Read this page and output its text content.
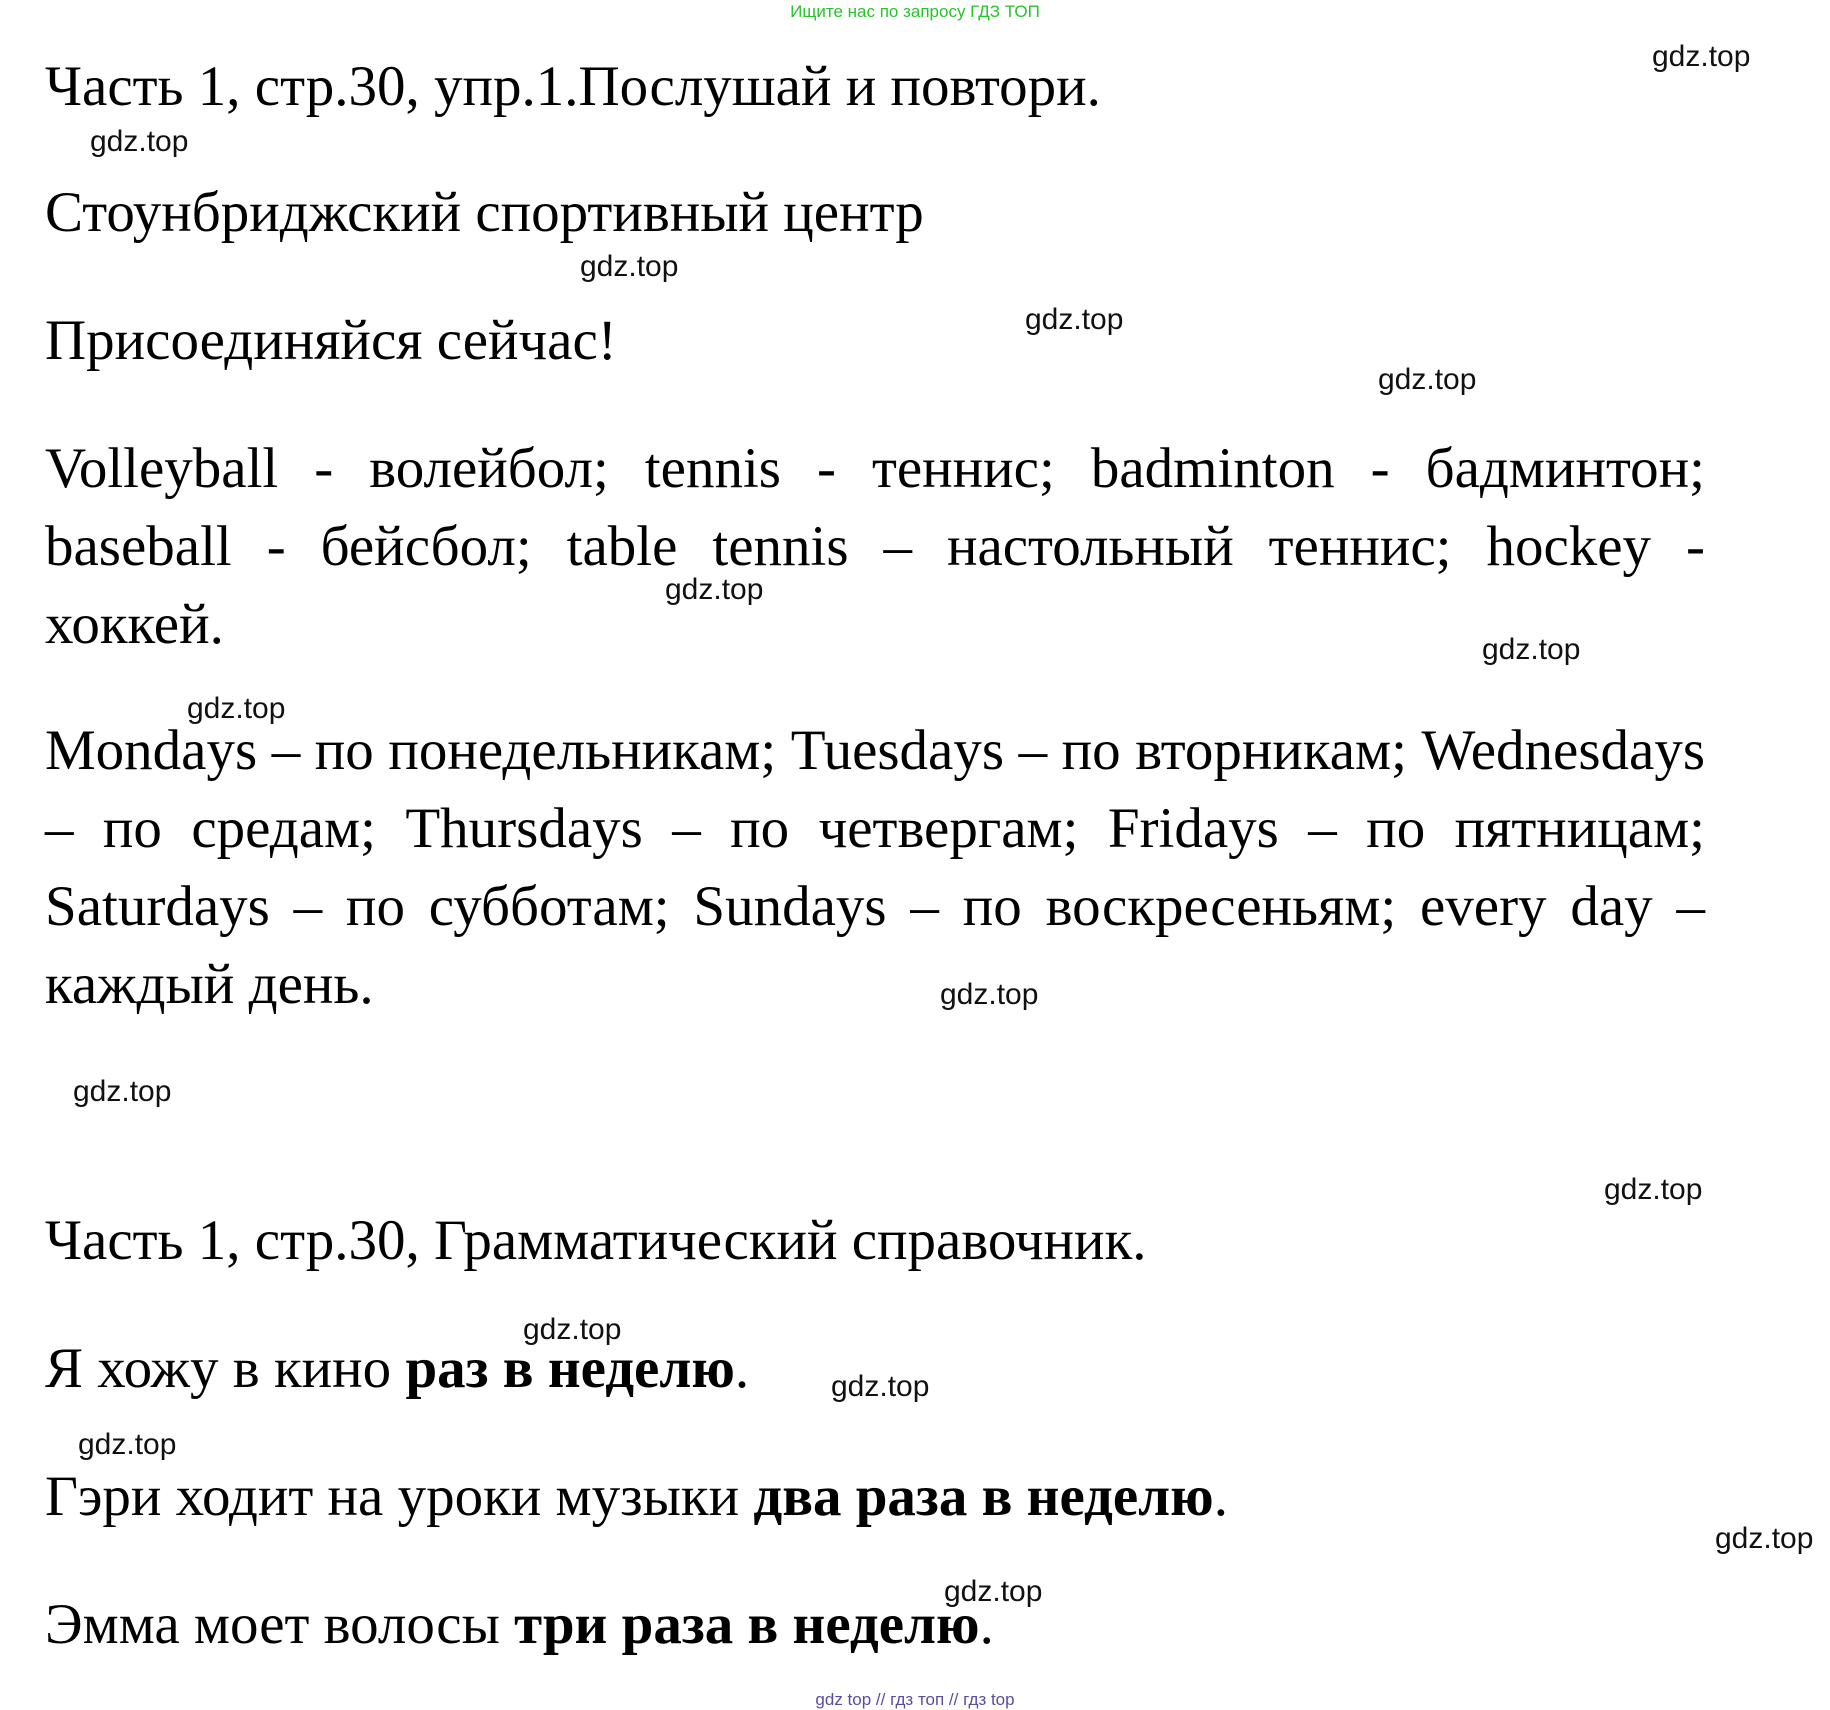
Ищите нас по запросу ГДЗ ТОП

Часть 1, стр.30, упр.1.Послушай и повтори.

Стоунбриджский спортивный центр

Присоединяйся сейчас!

Volleyball - волейбол; tennis - теннис; badminton - бадминтон; baseball - бейсбол; table tennis – настольный теннис; hockey - хоккей.

Mondays – по понедельникам; Tuesdays – по вторникам; Wednesdays – по средам; Thursdays – по четвергам; Fridays – по пятницам; Saturdays – по субботам; Sundays – по воскресеньям; every day – каждый день.

Часть 1, стр.30, Грамматический справочник.

Я хожу в кино раз в неделю.

Гэри ходит на уроки музыки два раза в неделю.

Эмма моет волосы три раза в неделю.

gdz.top
gdz.top
gdz.top
gdz.top
gdz.top
gdz.top
gdz.top
gdz.top
gdz.top
gdz.top
gdz.top
gdz.top
gdz.top
gdz.top
gdz.top
gdz.top
gdz top // гдз топ // гдз top
